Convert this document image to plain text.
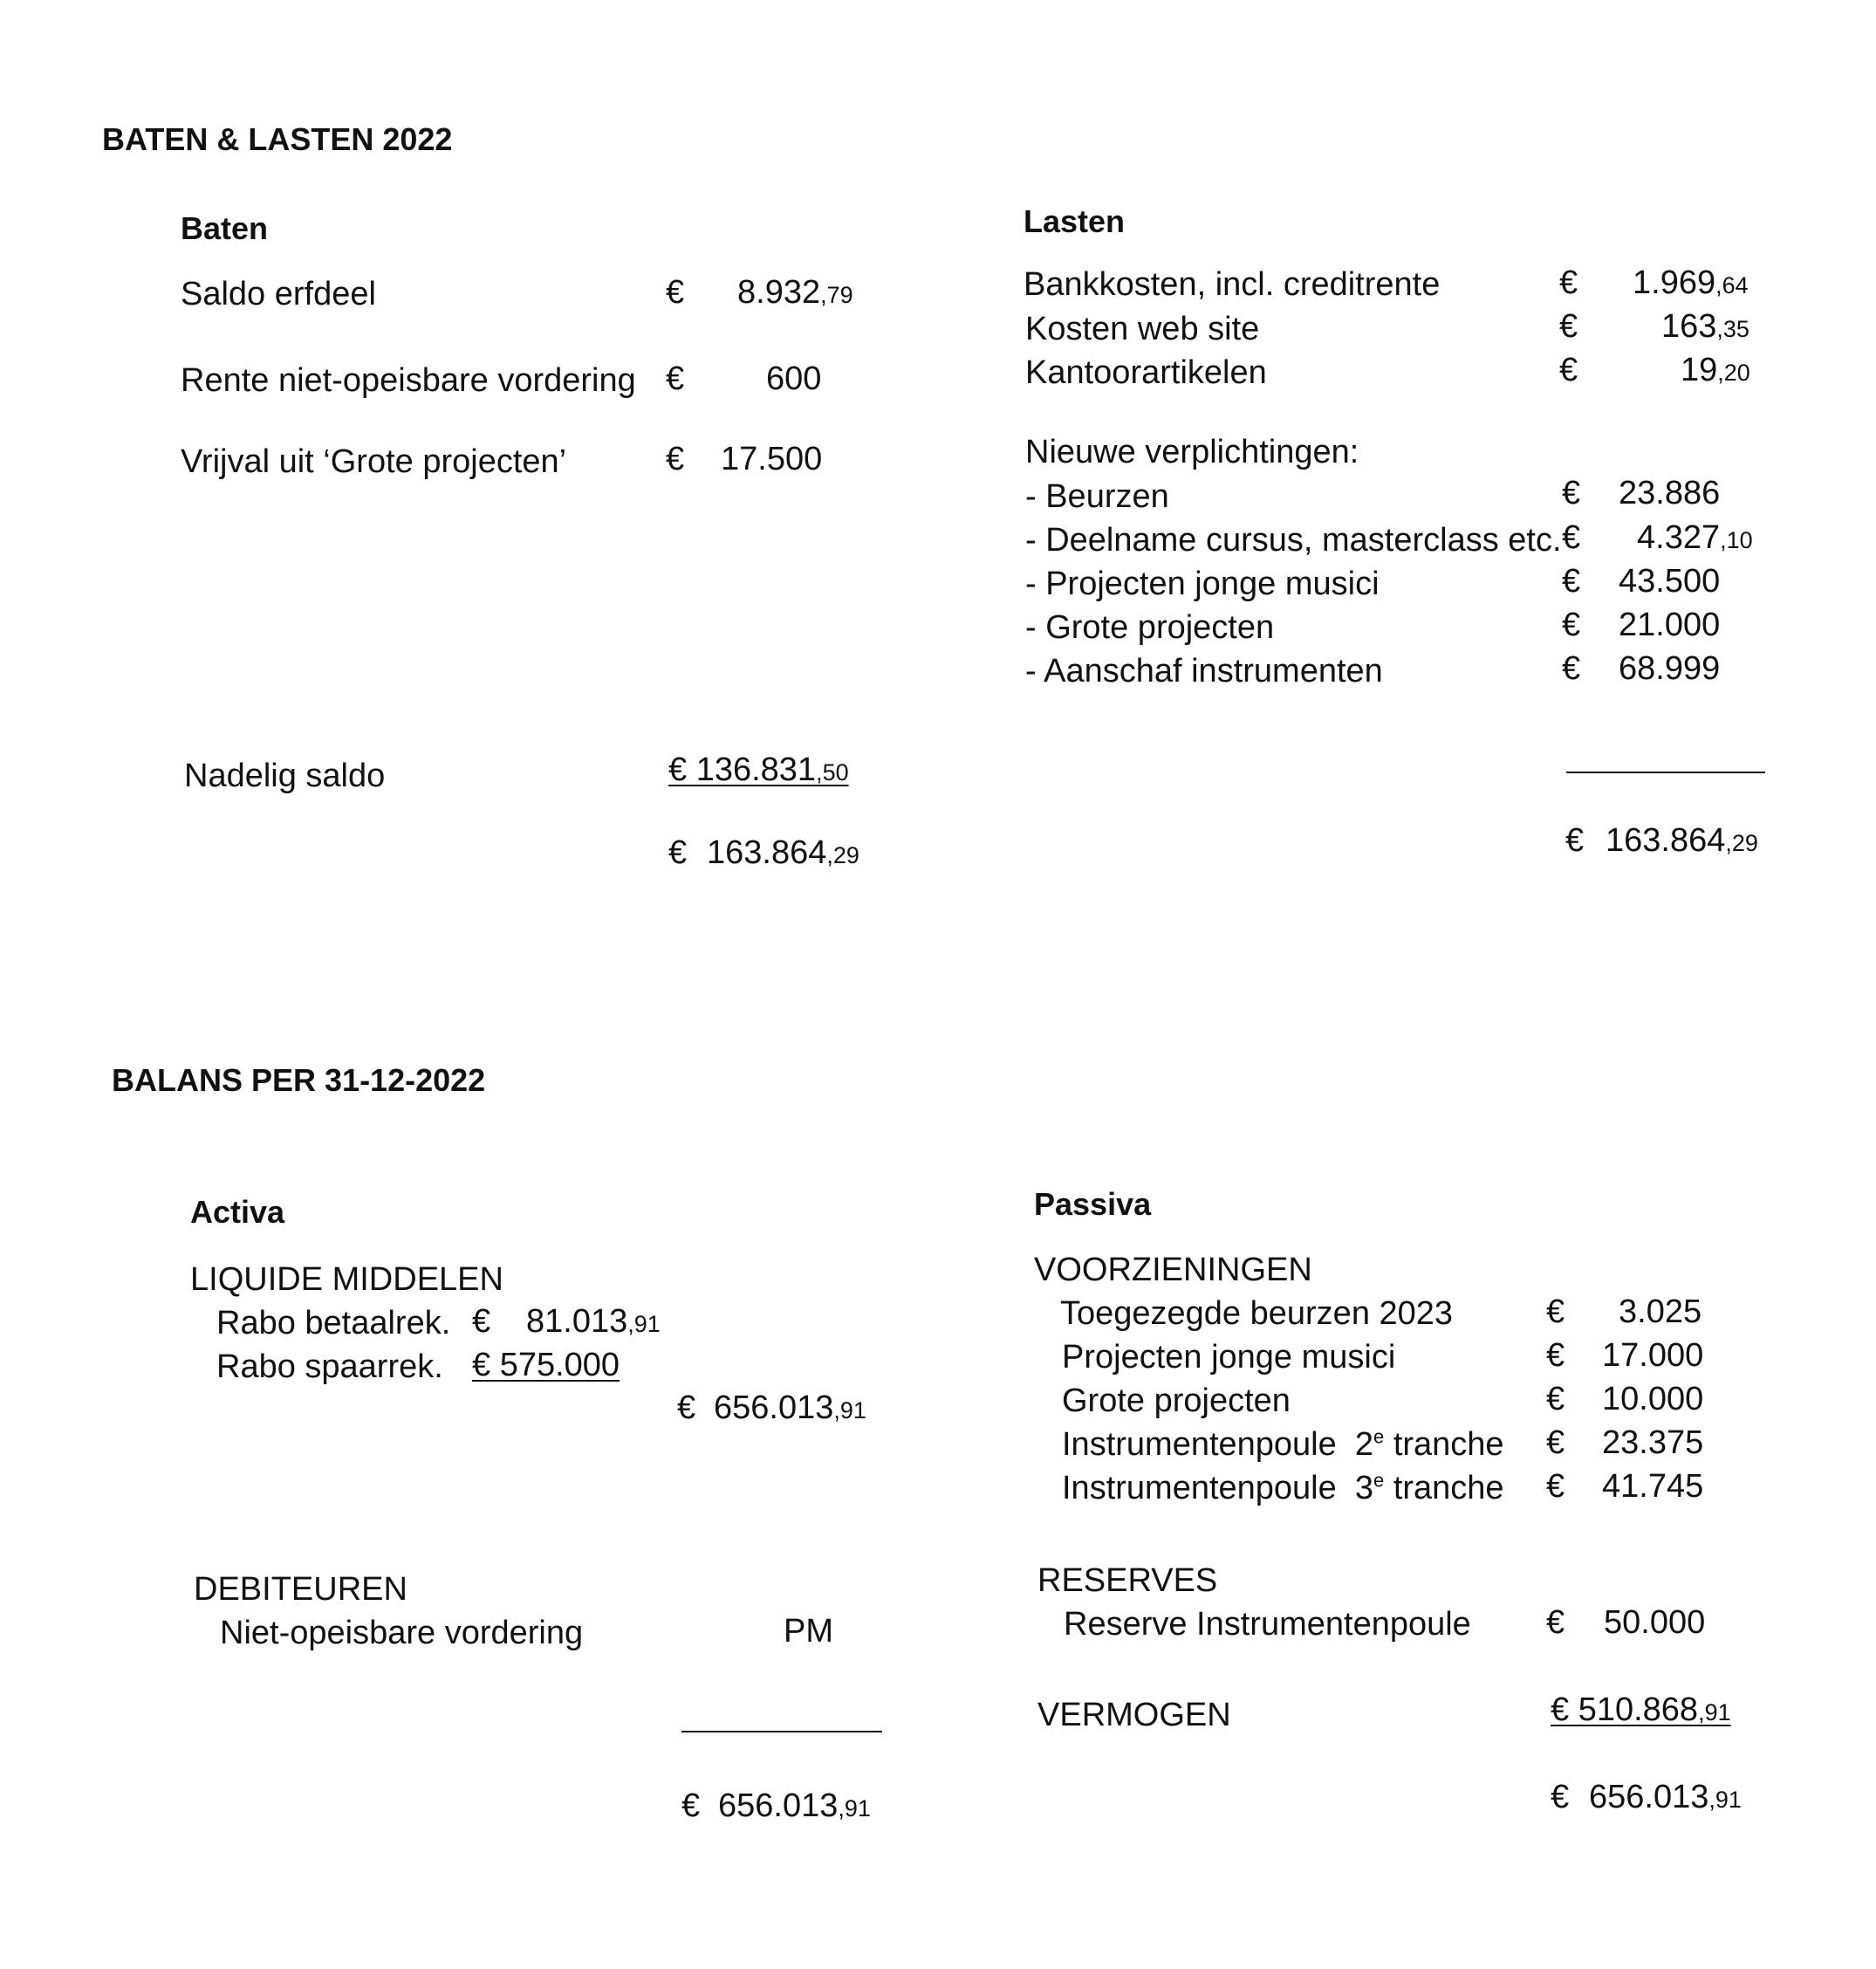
BATEN & LASTEN 2022
Baten
Saldo erfdeel	€ 8.932,79
Rente niet-opeisbare vordering € 600
Vrijval uit ‘Grote projecten’	€ 17.500
Nadelig saldo	€ 136.831,50
€ 163.864,29
Lasten
Bankkosten, incl. creditrente	€ 1.969,64
Kosten web site	€	163,35
Kantoorartikelen	€	19,20
Nieuwe verplichtingen:
- Beurzen	€ 23.886
- Deelname cursus, masterclass etc. € 4.327,10
- Projecten jonge musici	€ 43.500
- Grote projecten	€ 21.000
- Aanschaf instrumenten	€ 68.999
€ 163.864,29
BALANS PER 31-12-2022
Activa
LIQUIDE MIDDELEN
Rabo betaalrek. € 81.013,91
Rabo spaarrek. € 575.000
€ 656.013,91
DEBITEUREN
Niet-opeisbare vordering	PM
€ 656.013,91
Passiva
VOORZIENINGEN
Toegezegde beurzen 2023	€ 3.025
Projecten jonge musici	€ 17.000
Grote projecten	€ 10.000
Instrumentenpoule  2e tranche € 23.375
Instrumentenpoule  3e tranche € 41.745
RESERVES
Reserve Instrumentenpoule € 50.000
VERMOGEN	€ 510.868,91
€ 656.013,91
